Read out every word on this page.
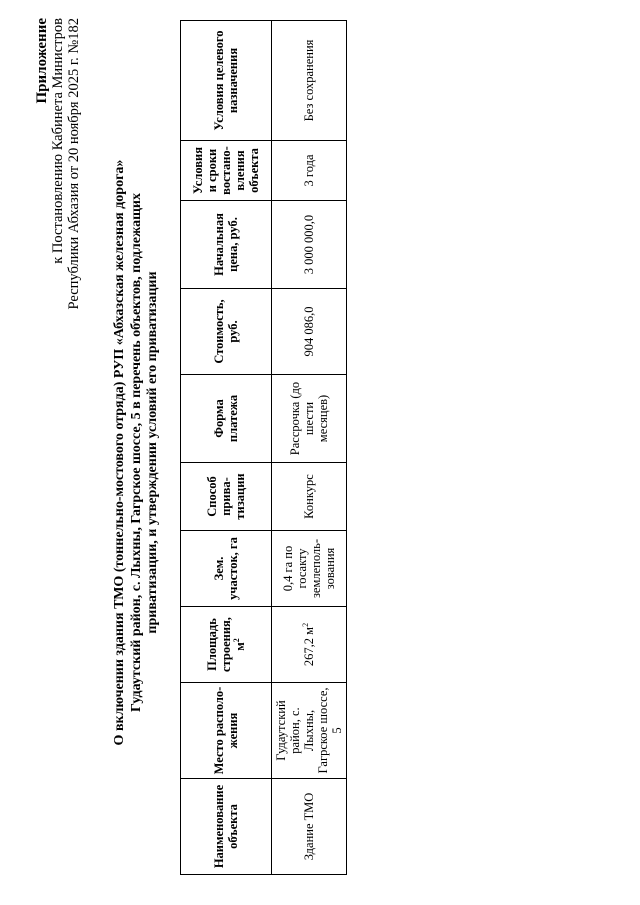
Приложение к Постановлению Кабинета Министров Республики Абхазия от 20 ноября 2025 г. №182 О включении здания ТМО (тоннельно-мостового отряда) РУП «Абхазская железная дорога» Гудаутский район, с. Лыхны, Гагрское шоссе, 5 в перечень объектов, подлежащих приватизации, и утверждении условий его приватизации
Наименование объекта	Место располо-жения	Площадь строения, $м^2$	Зем. участок, га	Способ прива-тизации	Форма платежа	Стоимость, руб.	Начальная цена, руб.	Условия и сроки востано-вления объекта	Условия целевого назначения
Здание ТМО	Гудаутский район, с. Лыхны, Гагрское шоссе, 5	267,2 $м^2$	0,4 га по госакту землеполь-зования	Конкурс	Рассрочка (до шести месяцев)	904 086,0	3 000 000,0	3 года	Без сохранения
